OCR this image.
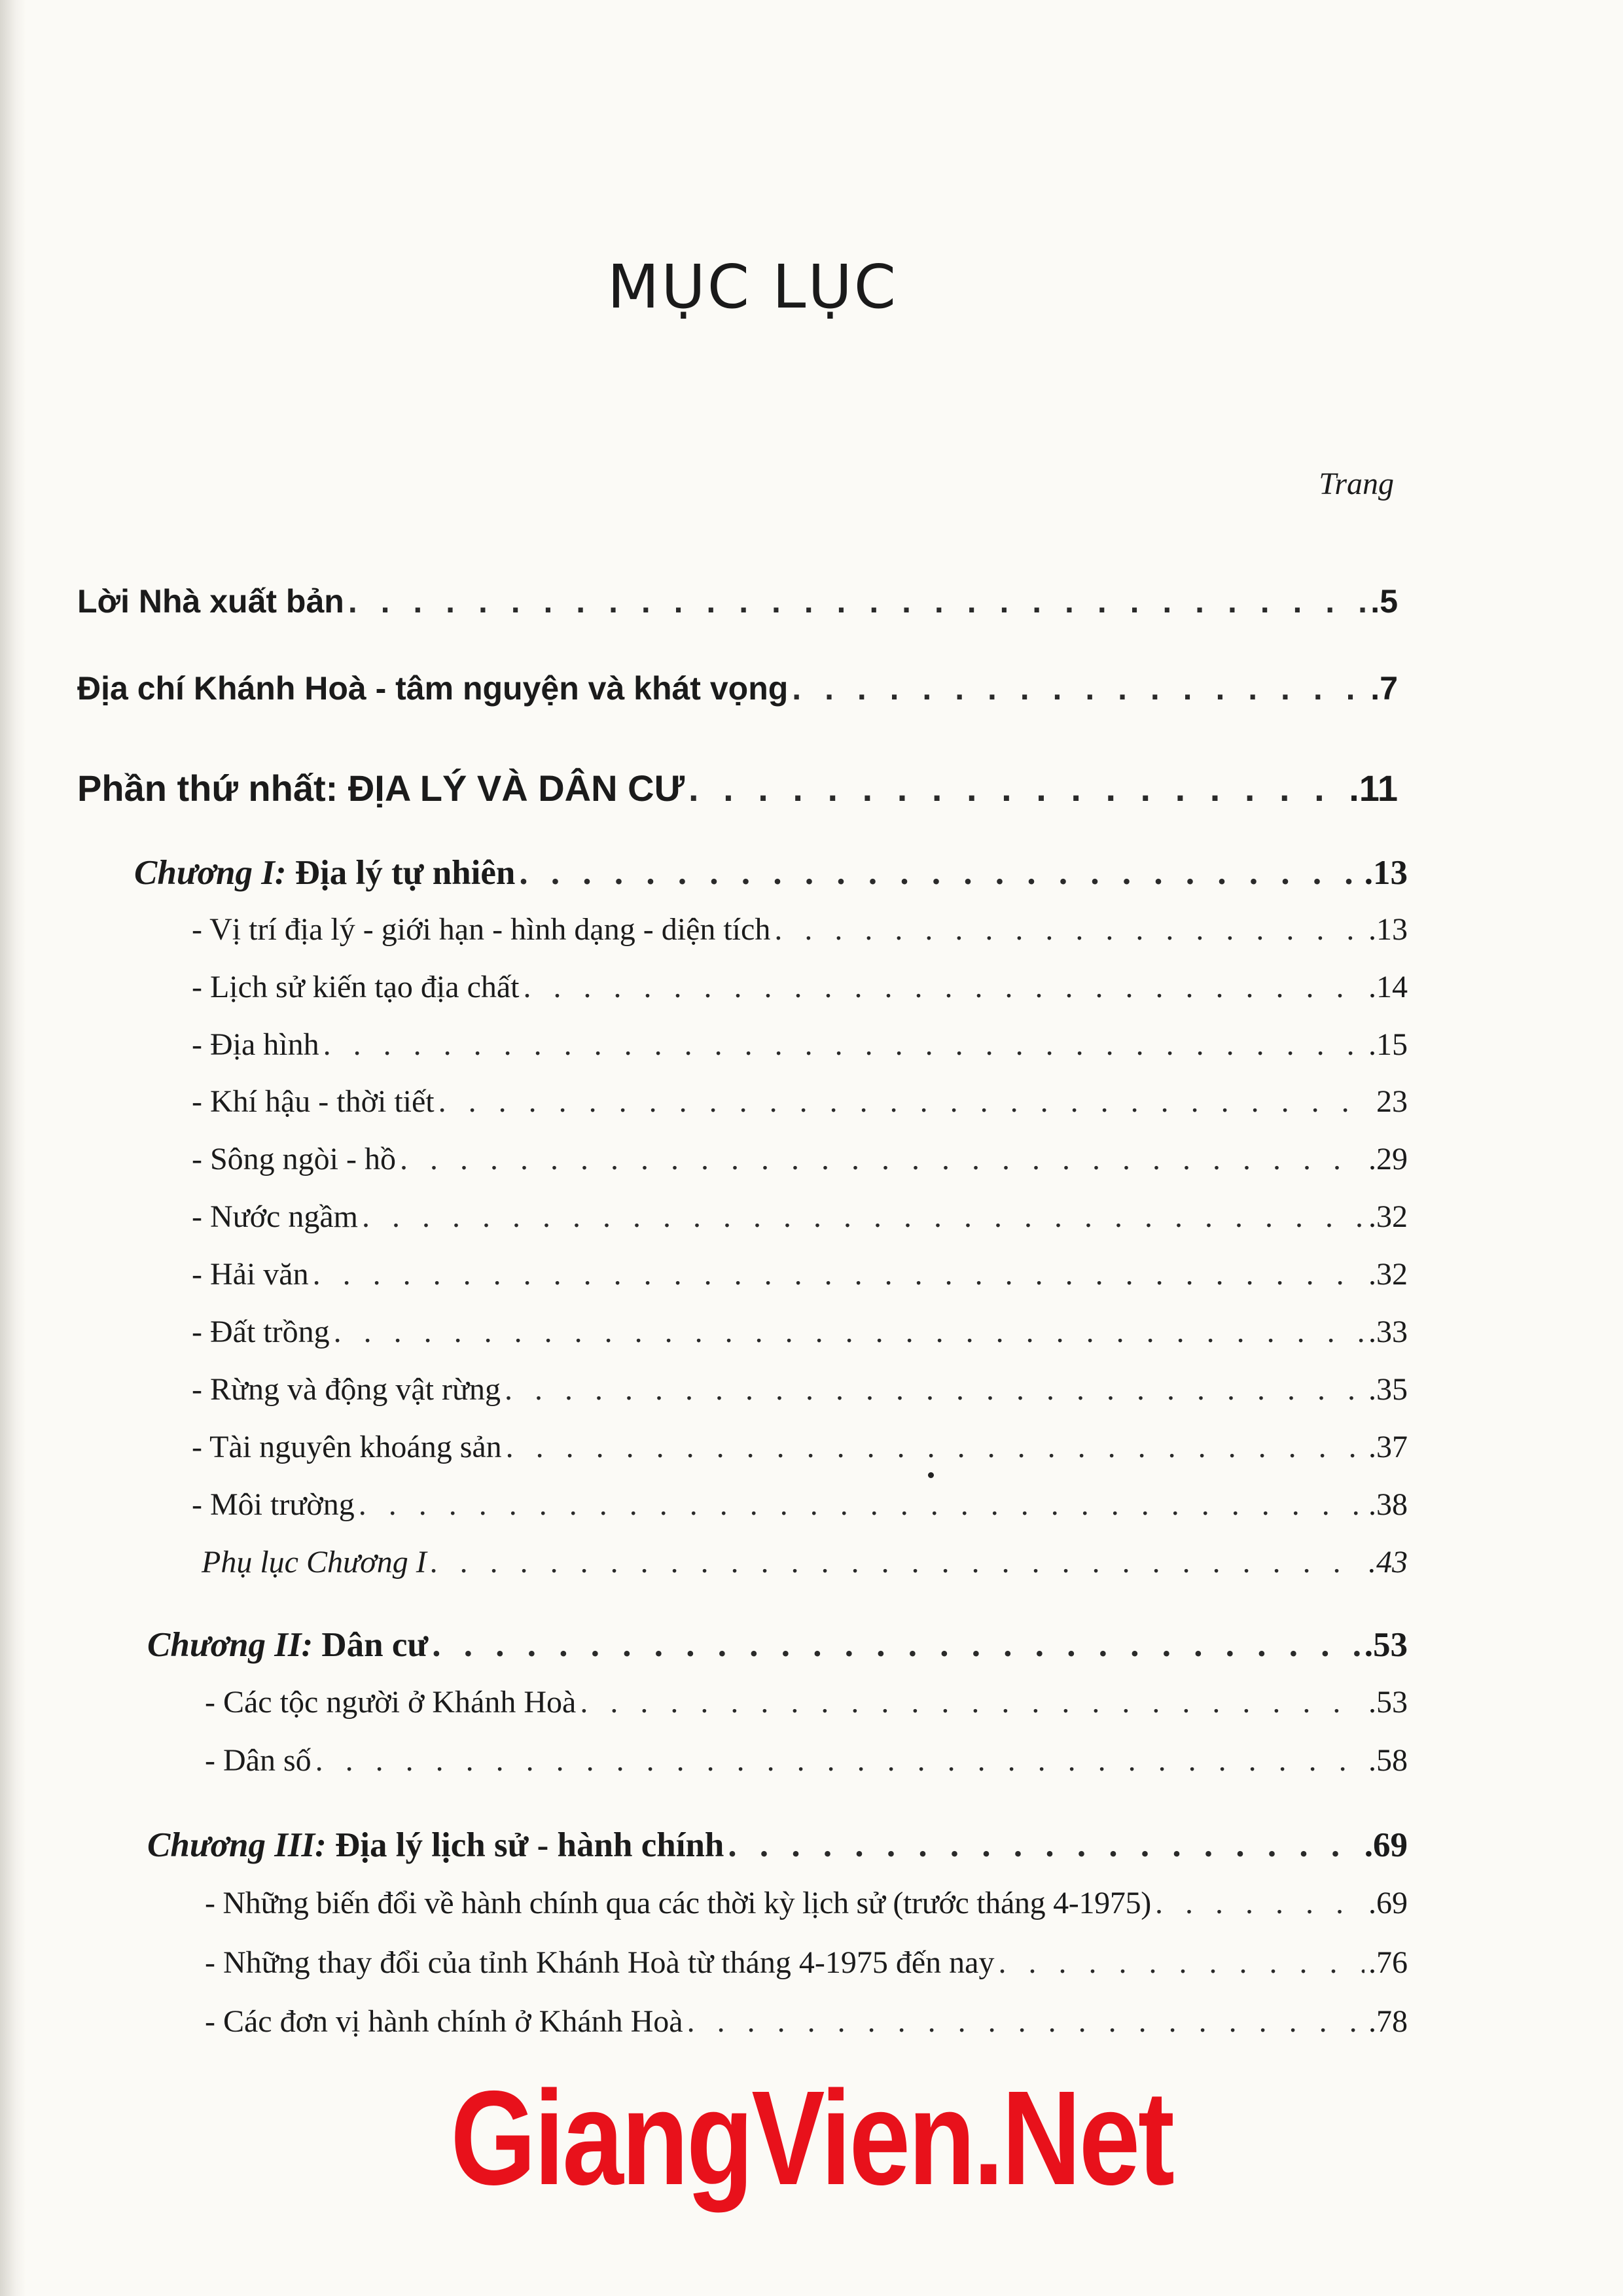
MỤC LỤC
Trang
Lời Nhà xuất bản . . .	.5
Địa chí Khánh Hoà - tâm nguyện và khát vọng . . .	.7
Phần thứ nhất: ĐỊA LÝ VÀ DÂN CƯ . . .	.11
Chương I: Địa lý tự nhiên . . .	.13
- Vị trí địa lý - giới hạn - hình dạng - diện tích . . .	.13
- Lịch sử kiến tạo địa chất . . .	.14
- Địa hình . . .	.15
- Khí hậu - thời tiết . . .	23
- Sông ngòi - hồ . . .	.29
- Nước ngầm . . .	.32
- Hải văn . . .	.32
- Đất trồng . . .	.33
- Rừng và động vật rừng . . .	.35
- Tài nguyên khoáng sản . . .	.37
- Môi trường . . .	.38
Phụ lục Chương I . . .	.43
Chương II: Dân cư . . .	.53
- Các tộc người ở Khánh Hoà . . .	.53
- Dân số . . .	.58
Chương III: Địa lý lịch sử - hành chính . . .	.69
- Những biến đổi về hành chính qua các thời kỳ lịch sử (trước tháng 4-1975) . . .	.69
- Những thay đổi của tỉnh Khánh Hoà từ tháng 4-1975 đến nay . . .	.76
- Các đơn vị hành chính ở Khánh Hoà . . .	.78
GiangVien.Net
